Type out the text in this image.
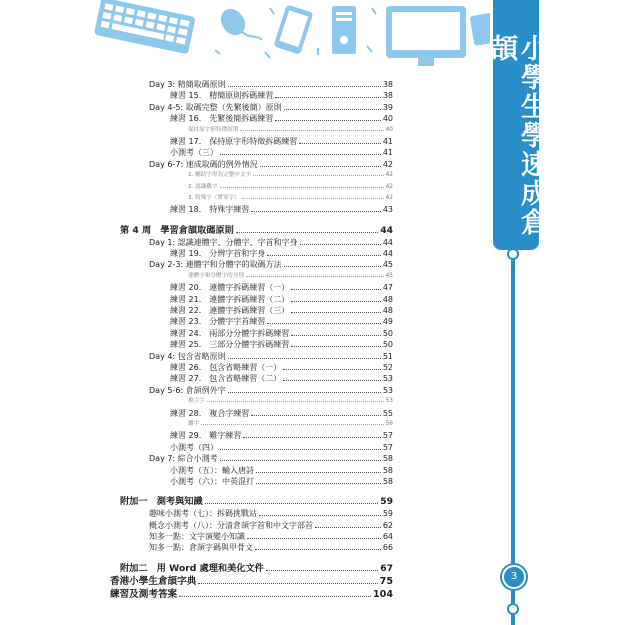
小學生學速成倉頡
3
Day 3: 精簡取碼原則	38
練習 15.　精簡原則拆碼練習	38
Day 4-5: 取碼完整（先繁後簡）原則	39
練習 16.　先繁後簡拆碼練習	40
保持原字形特徵原則	40
練習 17.　保持原字形特徵拆碼練習	41
小測考（三）	41
Day 6-7: 速成取碼的例外情況	42
1. 輔助字形為完整中文字	42
2. 認識難字	42
3. 特殊字（實穿字）	42
練習 18.　特殊字練習	43
第 4 周　學習倉頡取碼原則	44
Day 1: 認識連體字、分體字、字首和字身	44
練習 19.　分辨字首和字身	44
Day 2-3: 連體字和分體字的取碼方法	45
連體字和分體字的分別	45
練習 20.　連體字拆碼練習（一）	47
練習 21.　連體字拆碼練習（二）	48
練習 22.　連體字拆碼練習（三）	48
練習 23.　分體字字首練習	49
練習 24.　兩部分分體字拆碼練習	50
練習 25.　三部分分體字拆碼練習	50
Day 4: 包含省略原則	51
練習 26.　包含省略練習（一）	52
練習 27.　包含省略練習（二）	53
Day 5-6: 倉頡例外字	53
複合字	53
練習 28.　複合字練習	55
難字	56
練習 29.　難字練習	57
小測考（四）	57
Day 7: 綜合小測考	58
小測考（五）：輸入唐詩	58
小測考（六）：中英混打	58
附加一　測考與知識	59
趣味小測考（七）：拆碼挑戰站	59
概念小測考（八）：分清倉頡字首和中文字部首	62
知多一點：文字演變小知識	64
知多一點：倉頡字碼與甲骨文	66
附加二　用 Word 處理和美化文件	67
香港小學生倉頡字典	75
練習及測考答案	104
